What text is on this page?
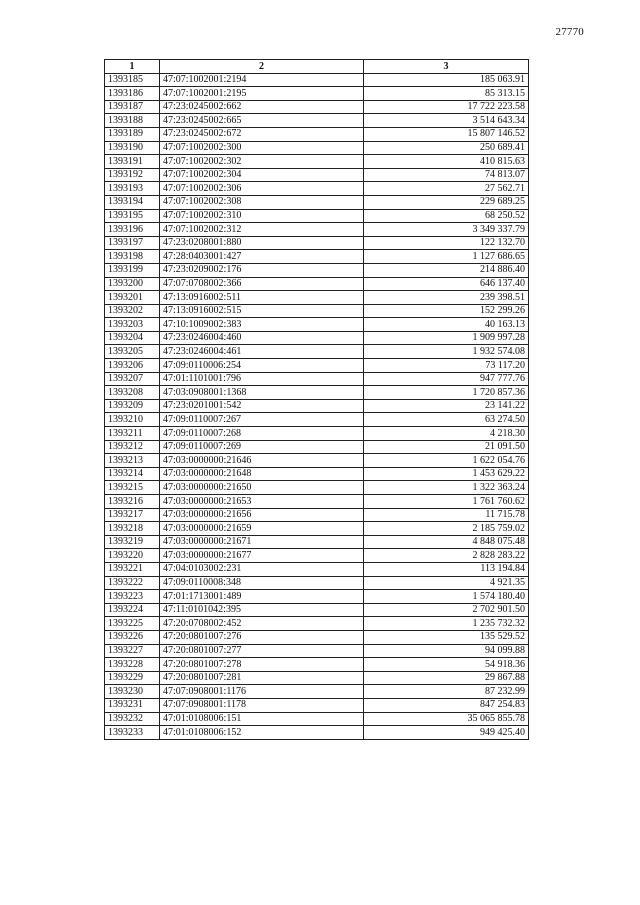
27770
1	2	3
1393185	47:07:1002001:2194	185 063.91
1393186	47:07:1002001:2195	85 313.15
1393187	47:23:0245002:662	17 722 223.58
1393188	47:23:0245002:665	3 514 643.34
1393189	47:23:0245002:672	15 807 146.52
1393190	47:07:1002002:300	250 689.41
1393191	47:07:1002002:302	410 815.63
1393192	47:07:1002002:304	74 813.07
1393193	47:07:1002002:306	27 562.71
1393194	47:07:1002002:308	229 689.25
1393195	47:07:1002002:310	68 250.52
1393196	47:07:1002002:312	3 349 337.79
1393197	47:23:0208001:880	122 132.70
1393198	47:28:0403001:427	1 127 686.65
1393199	47:23:0209002:176	214 886.40
1393200	47:07:0708002:366	646 137.40
1393201	47:13:0916002:511	239 398.51
1393202	47:13:0916002:515	152 299.26
1393203	47:10:1009002:383	40 163.13
1393204	47:23:0246004:460	1 909 997.28
1393205	47:23:0246004:461	1 932 574.08
1393206	47:09:0110006:254	73 117.20
1393207	47:01:1101001:796	947 777.76
1393208	47:03:0908001:1368	1 720 857.36
1393209	47:23:0201001:542	23 141.22
1393210	47:09:0110007:267	63 274.50
1393211	47:09:0110007:268	4 218.30
1393212	47:09:0110007:269	21 091.50
1393213	47:03:0000000:21646	1 622 054.76
1393214	47:03:0000000:21648	1 453 629.22
1393215	47:03:0000000:21650	1 322 363.24
1393216	47:03:0000000:21653	1 761 760.62
1393217	47:03:0000000:21656	11 715.78
1393218	47:03:0000000:21659	2 185 759.02
1393219	47:03:0000000:21671	4 848 075.48
1393220	47:03:0000000:21677	2 828 283.22
1393221	47:04:0103002:231	113 194.84
1393222	47:09:0110008:348	4 921.35
1393223	47:01:1713001:489	1 574 180.40
1393224	47:11:0101042:395	2 702 901.50
1393225	47:20:0708002:452	1 235 732.32
1393226	47:20:0801007:276	135 529.52
1393227	47:20:0801007:277	94 099.88
1393228	47:20:0801007:278	54 918.36
1393229	47:20:0801007:281	29 867.88
1393230	47:07:0908001:1176	87 232.99
1393231	47:07:0908001:1178	847 254.83
1393232	47:01:0108006:151	35 065 855.78
1393233	47:01:0108006:152	949 425.40
